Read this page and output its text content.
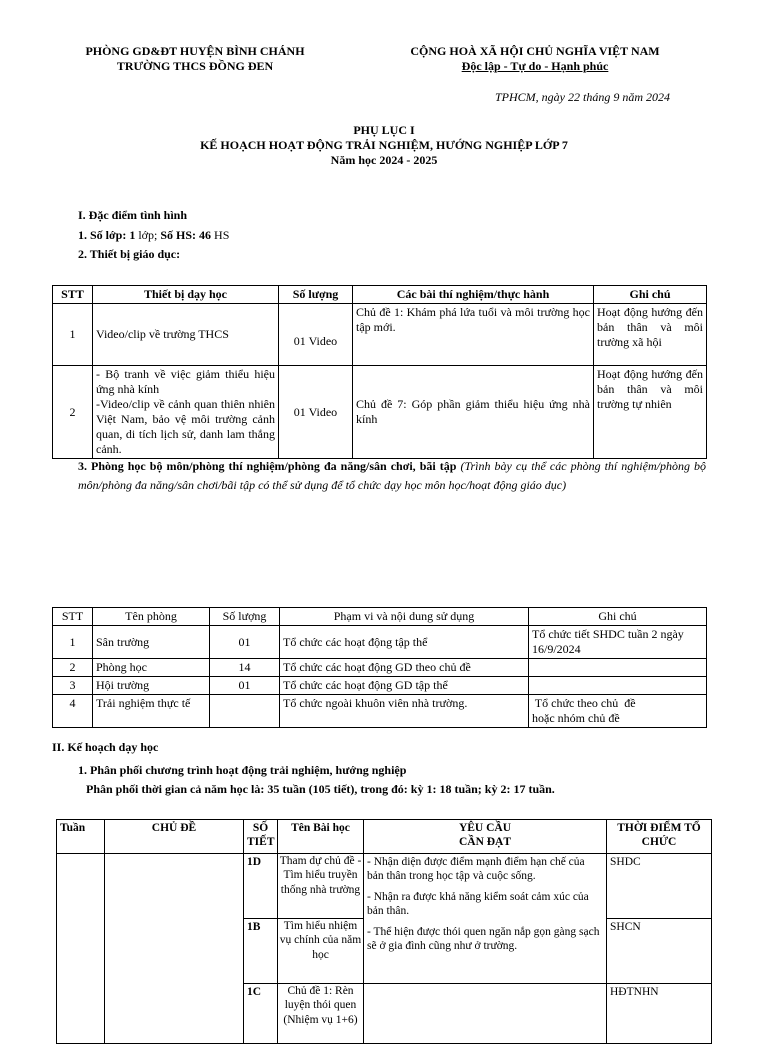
PHÒNG GD&ĐT HUYỆN BÌNH CHÁNH
TRƯỜNG THCS ĐỒNG ĐEN
CỘNG HOÀ XÃ HỘI CHỦ NGHĨA VIỆT NAM
Độc lập - Tự do - Hạnh phúc
TPHCM, ngày 22 tháng 9 năm 2024
PHỤ LỤC I
KẾ HOẠCH HOẠT ĐỘNG TRẢI NGHIỆM, HƯỚNG NGHIỆP LỚP 7
Năm học 2024 - 2025
I. Đặc điểm tình hình
1. Số lớp: 1 lớp; Số HS: 46 HS
2. Thiết bị giáo dục:
STT	Thiết bị dạy học	Số lượng	Các bài thí nghiệm/thực hành	Ghi chú
1	Video/clip về trường THCS	01 Video	Chủ đề 1: Khám phá lứa tuổi và môi trường học tập mới.	Hoạt động hướng đến bản thân và môi trường xã hội
2	- Bộ tranh về việc giảm thiểu hiệu ứng nhà kính
-Video/clip về cảnh quan thiên nhiên Việt Nam, bảo vệ môi trường cảnh quan, di tích lịch sử, danh lam thắng cảnh.	01 Video	Chủ đề 7: Góp phần giảm thiểu hiệu ứng nhà kính	Hoạt động hướng đến bản thân và môi trường tự nhiên
3. Phòng học bộ môn/phòng thí nghiệm/phòng đa năng/sân chơi, bãi tập (Trình bày cụ thể các phòng thí nghiệm/phòng bộ môn/phòng đa năng/sân chơi/bãi tập có thể sử dụng để tổ chức dạy học môn học/hoạt động giáo dục)
STT	Tên phòng	Số lượng	Phạm vi và nội dung sử dụng	Ghi chú
1	Sân trường	01	Tổ chức các hoạt động tập thể	Tổ chức tiết SHDC tuần 2 ngày 16/9/2024
2	Phòng học	14	Tổ chức các hoạt động GD theo chủ đề	
3	Hội trường	01	Tổ chức các hoạt động GD tập thể	
4	Trải nghiệm thực tế		Tổ chức ngoài khuôn viên nhà trường.	Tổ chức theo chủ  đề
hoặc nhóm chủ đề
II. Kế hoạch dạy học
1. Phân phối chương trình hoạt động trải nghiệm, hướng nghiệp
Phân phối thời gian cả năm học là: 35 tuần (105 tiết), trong đó: kỳ 1: 18 tuần; kỳ 2: 17 tuần.
Tuần	CHỦ ĐỀ	SỐ
TIẾT	Tên Bài học	YÊU CẦU
CẦN ĐẠT	THỜI ĐIỂM TỔ
CHỨC

		1D	Tham dự chủ đề - Tìm hiểu truyền thống nhà trường	- Nhận diện được điểm mạnh điểm hạn chế của bản thân trong học tập và cuộc sống.
- Nhận ra được khả năng kiểm soát cảm xúc của bản thân.
- Thể hiện được thói quen ngăn nắp gọn gàng sạch sẽ ở gia đình cũng như ở trường.	SHDC
		1B	Tìm hiểu nhiệm vụ chính của năm học		SHCN
		1C	Chủ đề 1: Rèn luyện thói quen (Nhiệm vụ 1+6)		HĐTNHN
